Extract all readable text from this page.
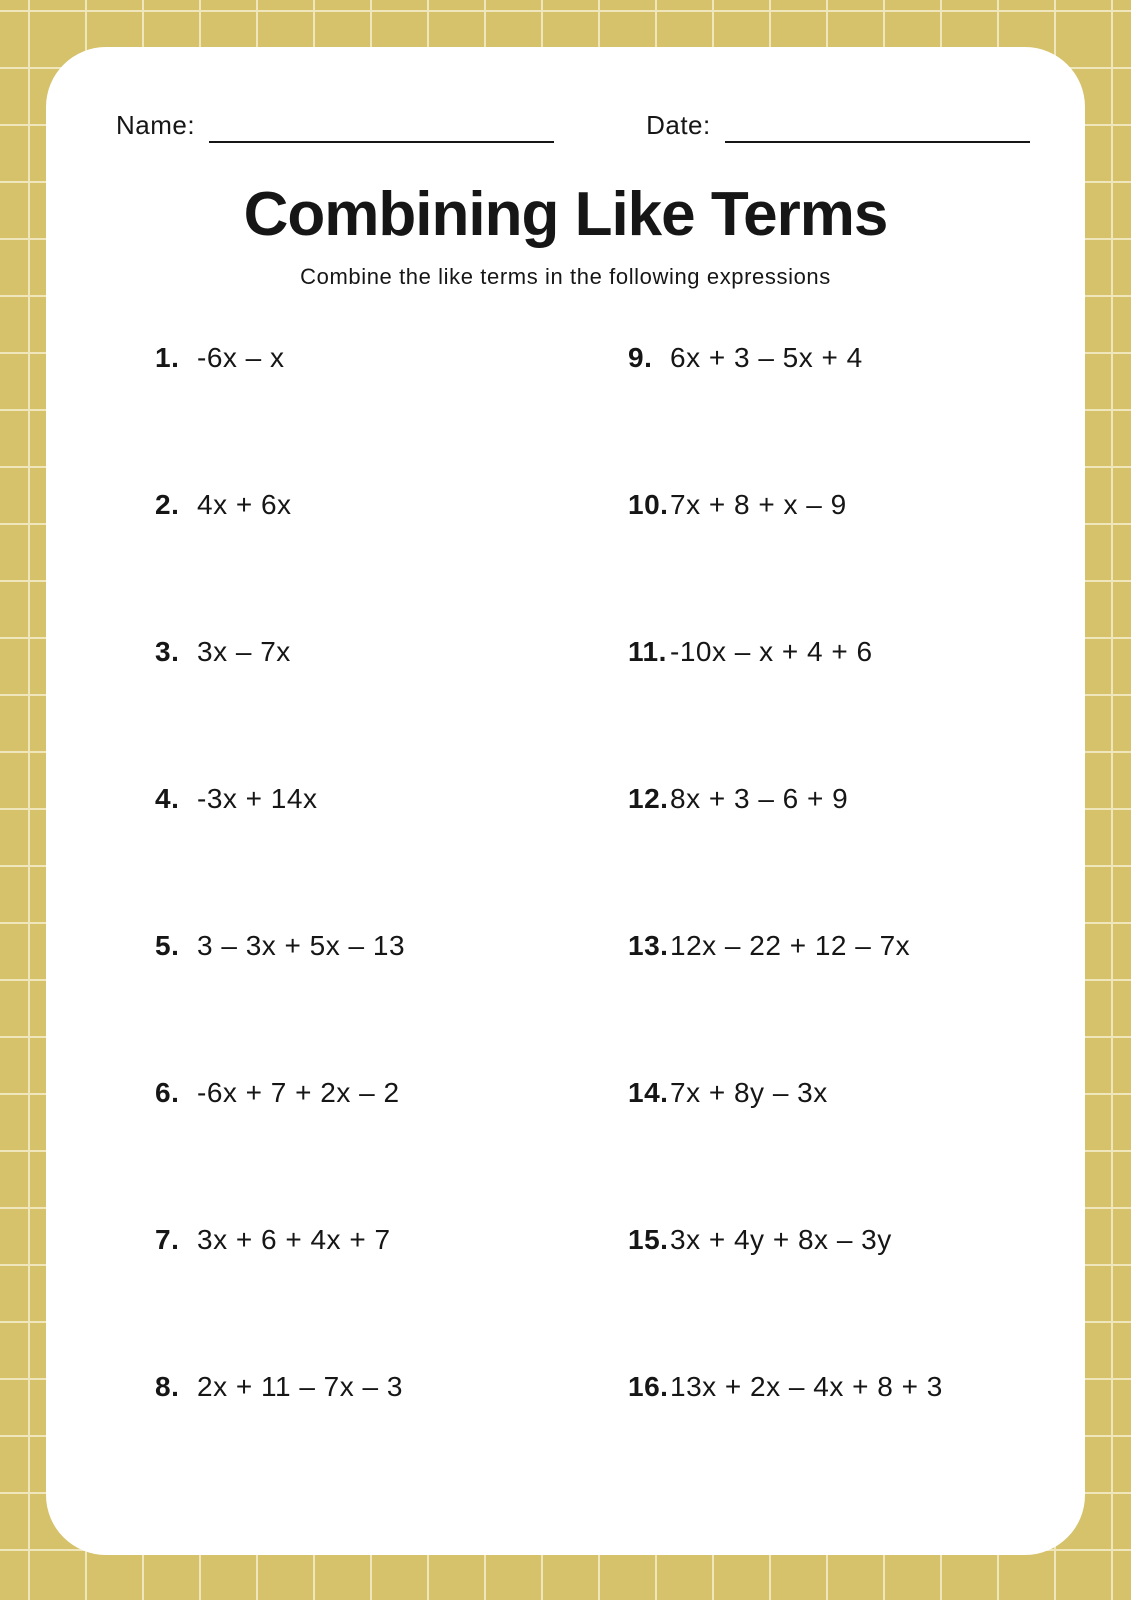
Name:	Date:
Combining Like Terms
Combine the like terms in the following expressions
1. -6x – x
2. 4x + 6x
3. 3x – 7x
4. -3x + 14x
5. 3 – 3x + 5x – 13
6. -6x + 7 + 2x – 2
7. 3x + 6 + 4x + 7
8. 2x + 11 – 7x – 3
9. 6x + 3 – 5x + 4
10. 7x + 8 + x – 9
11. -10x – x + 4 + 6
12. 8x + 3 – 6 + 9
13. 12x – 22 + 12 – 7x
14. 7x + 8y – 3x
15. 3x + 4y + 8x – 3y
16. 13x + 2x – 4x + 8 + 3
